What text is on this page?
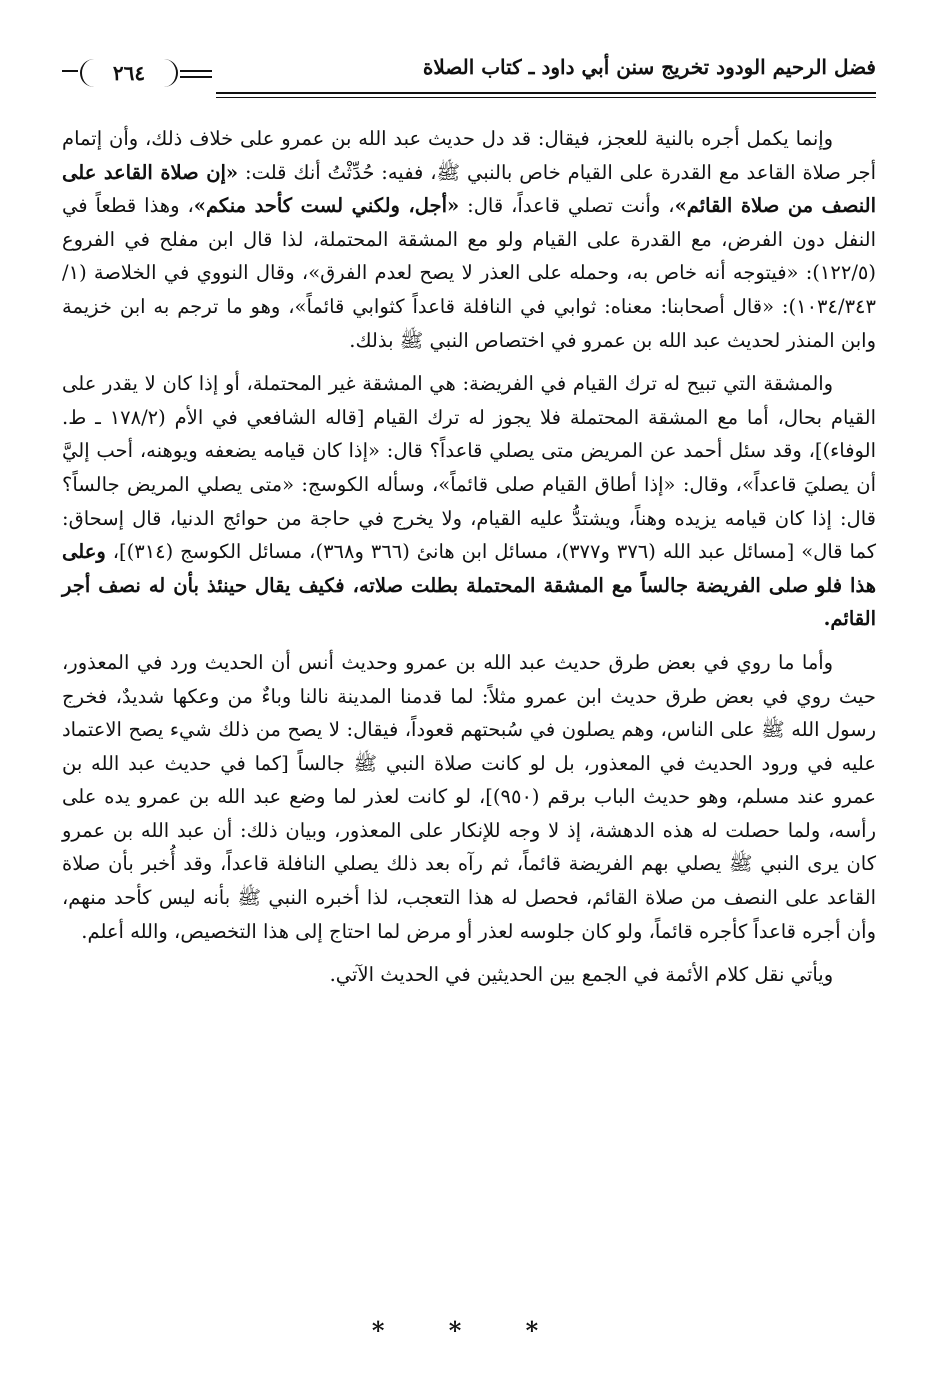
فضل الرحيم الودود تخريج سنن أبي داود ـ كتاب الصلاة
٢٦٤

وإنما يكمل أجره بالنية للعجز، فيقال: قد دل حديث عبد الله بن عمرو على خلاف ذلك، وأن إتمام أجر صلاة القاعد مع القدرة على القيام خاص بالنبي ﷺ، ففيه: حُدِّثْتُ أنك قلت: «إن صلاة القاعد على النصف من صلاة القائم»، وأنت تصلي قاعداً، قال: «أجل، ولكني لست كأحد منكم»، وهذا قطعاً في النفل دون الفرض، مع القدرة على القيام ولو مع المشقة المحتملة، لذا قال ابن مفلح في الفروع (١٢٢/٥): «فيتوجه أنه خاص به، وحمله على العذر لا يصح لعدم الفرق»، وقال النووي في الخلاصة (١/ ١٠٣٤/٣٤٣): «قال أصحابنا: معناه: ثوابي في النافلة قاعداً كثوابي قائماً»، وهو ما ترجم به ابن خزيمة وابن المنذر لحديث عبد الله بن عمرو في اختصاص النبي ﷺ بذلك.

والمشقة التي تبيح له ترك القيام في الفريضة: هي المشقة غير المحتملة، أو إذا كان لا يقدر على القيام بحال، أما مع المشقة المحتملة فلا يجوز له ترك القيام [قاله الشافعي في الأم (١٧٨/٢ ـ ط. الوفاء)]، وقد سئل أحمد عن المريض متى يصلي قاعداً؟ قال: «إذا كان قيامه يضعفه ويوهنه، أحب إليَّ أن يصليَ قاعداً»، وقال: «إذا أطاق القيام صلى قائماً»، وسأله الكوسج: «متى يصلي المريض جالساً؟ قال: إذا كان قيامه يزيده وهناً، ويشتدُّ عليه القيام، ولا يخرج في حاجة من حوائج الدنيا، قال إسحاق: كما قال» [مسائل عبد الله (٣٧٦ و٣٧٧)، مسائل ابن هانئ (٣٦٦ و٣٦٨)، مسائل الكوسج (٣١٤)]، وعلى هذا فلو صلى الفريضة جالساً مع المشقة المحتملة بطلت صلاته، فكيف يقال حينئذ بأن له نصف أجر القائم.

وأما ما روي في بعض طرق حديث عبد الله بن عمرو وحديث أنس أن الحديث ورد في المعذور، حيث روي في بعض طرق حديث ابن عمرو مثلاً: لما قدمنا المدينة نالنا وباءٌ من وعكها شديدٌ، فخرج رسول الله ﷺ على الناس، وهم يصلون في سُبحتهم قعوداً، فيقال: لا يصح من ذلك شيء يصح الاعتماد عليه في ورود الحديث في المعذور، بل لو كانت صلاة النبي ﷺ جالساً [كما في حديث عبد الله بن عمرو عند مسلم، وهو حديث الباب برقم (٩٥٠)]، لو كانت لعذر لما وضع عبد الله بن عمرو يده على رأسه، ولما حصلت له هذه الدهشة، إذ لا وجه للإنكار على المعذور، وبيان ذلك: أن عبد الله بن عمرو كان يرى النبي ﷺ يصلي بهم الفريضة قائماً، ثم رآه بعد ذلك يصلي النافلة قاعداً، وقد أُخبر بأن صلاة القاعد على النصف من صلاة القائم، فحصل له هذا التعجب، لذا أخبره النبي ﷺ بأنه ليس كأحد منهم، وأن أجره قاعداً كأجره قائماً، ولو كان جلوسه لعذر أو مرض لما احتاج إلى هذا التخصيص، والله أعلم.

ويأتي نقل كلام الأئمة في الجمع بين الحديثين في الحديث الآتي.

* * *
